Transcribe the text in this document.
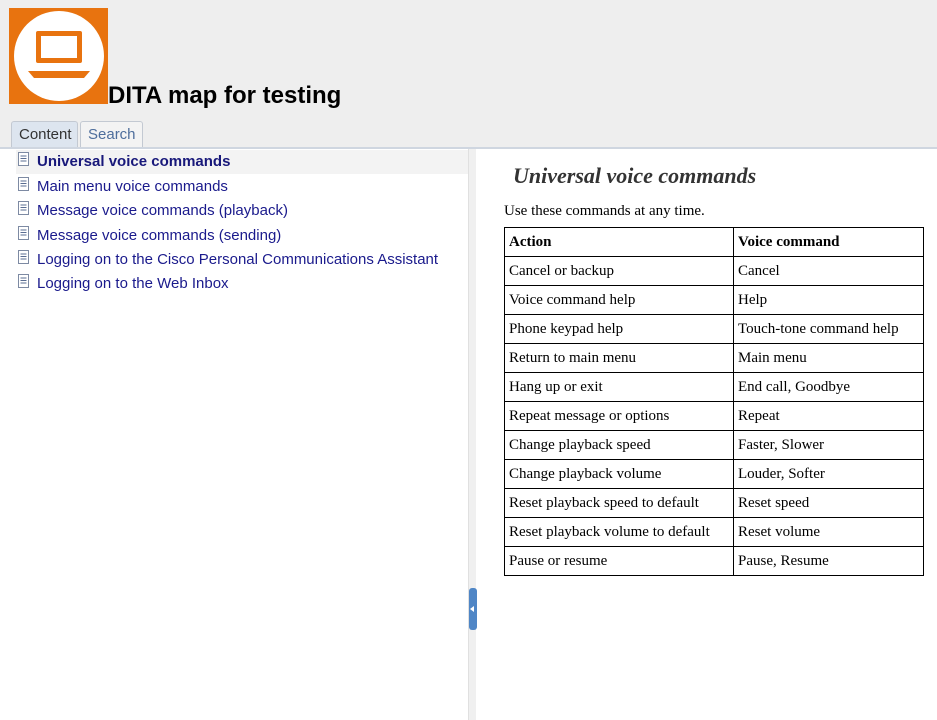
DITA map for testing
Content	Search
Universal voice commands
Main menu voice commands
Message voice commands (playback)
Message voice commands (sending)
Logging on to the Cisco Personal Communications Assistant
Logging on to the Web Inbox
Universal voice commands
Use these commands at any time.
Action	Voice command
Cancel or backup	Cancel
Voice command help	Help
Phone keypad help	Touch-tone command help
Return to main menu	Main menu
Hang up or exit	End call, Goodbye
Repeat message or options	Repeat
Change playback speed	Faster, Slower
Change playback volume	Louder, Softer
Reset playback speed to default	Reset speed
Reset playback volume to default	Reset volume
Pause or resume	Pause, Resume
